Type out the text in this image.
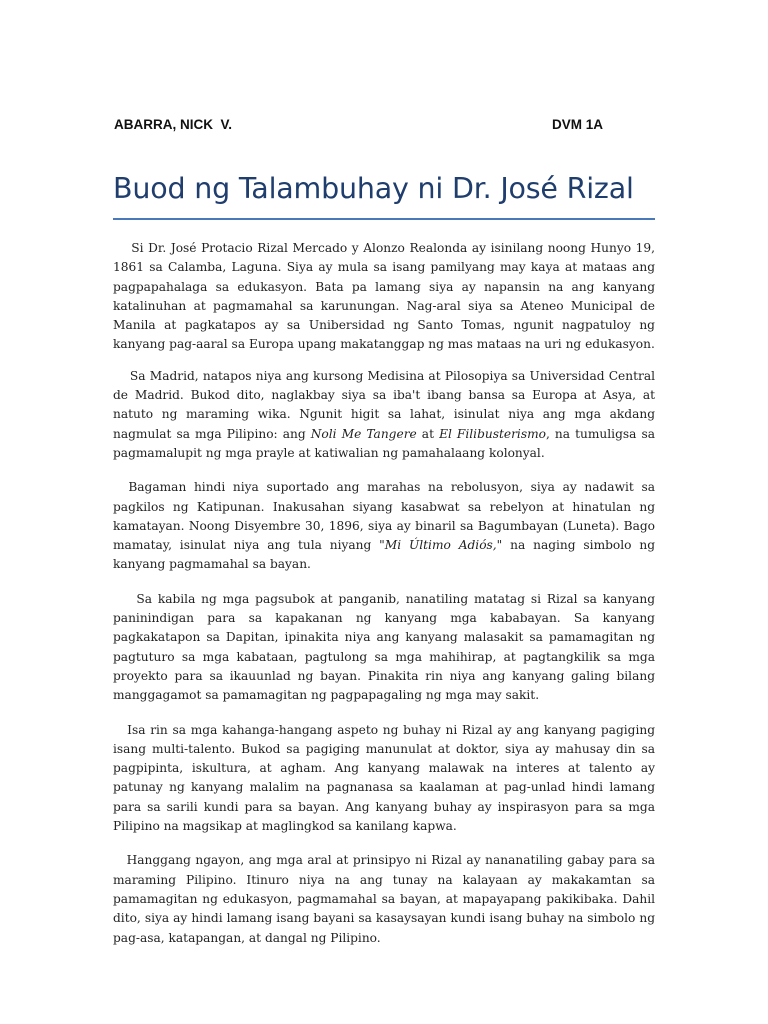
ABARRA, NICK  V.	DVM 1A
Buod ng Talambuhay ni Dr. José Rizal

Si Dr. José Protacio Rizal Mercado y Alonzo Realonda ay isinilang noong Hunyo 19, 1861 sa Calamba, Laguna. Siya ay mula sa isang pamilyang may kaya at mataas ang pagpapahalaga sa edukasyon. Bata pa lamang siya ay napansin na ang kanyang katalinuhan at pagmamahal sa karunungan. Nag-aral siya sa Ateneo Municipal de Manila at pagkatapos ay sa Unibersidad ng Santo Tomas, ngunit nagpatuloy ng kanyang pag-aaral sa Europa upang makatanggap ng mas mataas na uri ng edukasyon.

Sa Madrid, natapos niya ang kursong Medisina at Pilosopiya sa Universidad Central de Madrid. Bukod dito, naglakbay siya sa iba't ibang bansa sa Europa at Asya, at natuto ng maraming wika. Ngunit higit sa lahat, isinulat niya ang mga akdang nagmulat sa mga Pilipino: ang Noli Me Tangere at El Filibusterismo, na tumuligsa sa pagmamalupit ng mga prayle at katiwalian ng pamahalaang kolonyal.

Bagaman hindi niya suportado ang marahas na rebolusyon, siya ay nadawit sa pagkilos ng Katipunan. Inakusahan siyang kasabwat sa rebelyon at hinatulan ng kamatayan. Noong Disyembre 30, 1896, siya ay binaril sa Bagumbayan (Luneta). Bago mamatay, isinulat niya ang tula niyang "Mi Último Adiós," na naging simbolo ng kanyang pagmamahal sa bayan.

Sa kabila ng mga pagsubok at panganib, nanatiling matatag si Rizal sa kanyang paninindigan para sa kapakanan ng kanyang mga kababayan. Sa kanyang pagkakatapon sa Dapitan, ipinakita niya ang kanyang malasakit sa pamamagitan ng pagtuturo sa mga kabataan, pagtulong sa mga mahihirap, at pagtangkilik sa mga proyekto para sa ikauunlad ng bayan. Pinakita rin niya ang kanyang galing bilang manggagamot sa pamamagitan ng pagpapagaling ng mga may sakit.

Isa rin sa mga kahanga-hangang aspeto ng buhay ni Rizal ay ang kanyang pagiging isang multi-talento. Bukod sa pagiging manunulat at doktor, siya ay mahusay din sa pagpipinta, iskultura, at agham. Ang kanyang malawak na interes at talento ay patunay ng kanyang malalim na pagnanasa sa kaalaman at pag-unlad hindi lamang para sa sarili kundi para sa bayan. Ang kanyang buhay ay inspirasyon para sa mga Pilipino na magsikap at maglingkod sa kanilang kapwa.

Hanggang ngayon, ang mga aral at prinsipyo ni Rizal ay nananatiling gabay para sa maraming Pilipino. Itinuro niya na ang tunay na kalayaan ay makakamtan sa pamamagitan ng edukasyon, pagmamahal sa bayan, at mapayapang pakikibaka. Dahil dito, siya ay hindi lamang isang bayani sa kasaysayan kundi isang buhay na simbolo ng pag-asa, katapangan, at dangal ng Pilipino.
